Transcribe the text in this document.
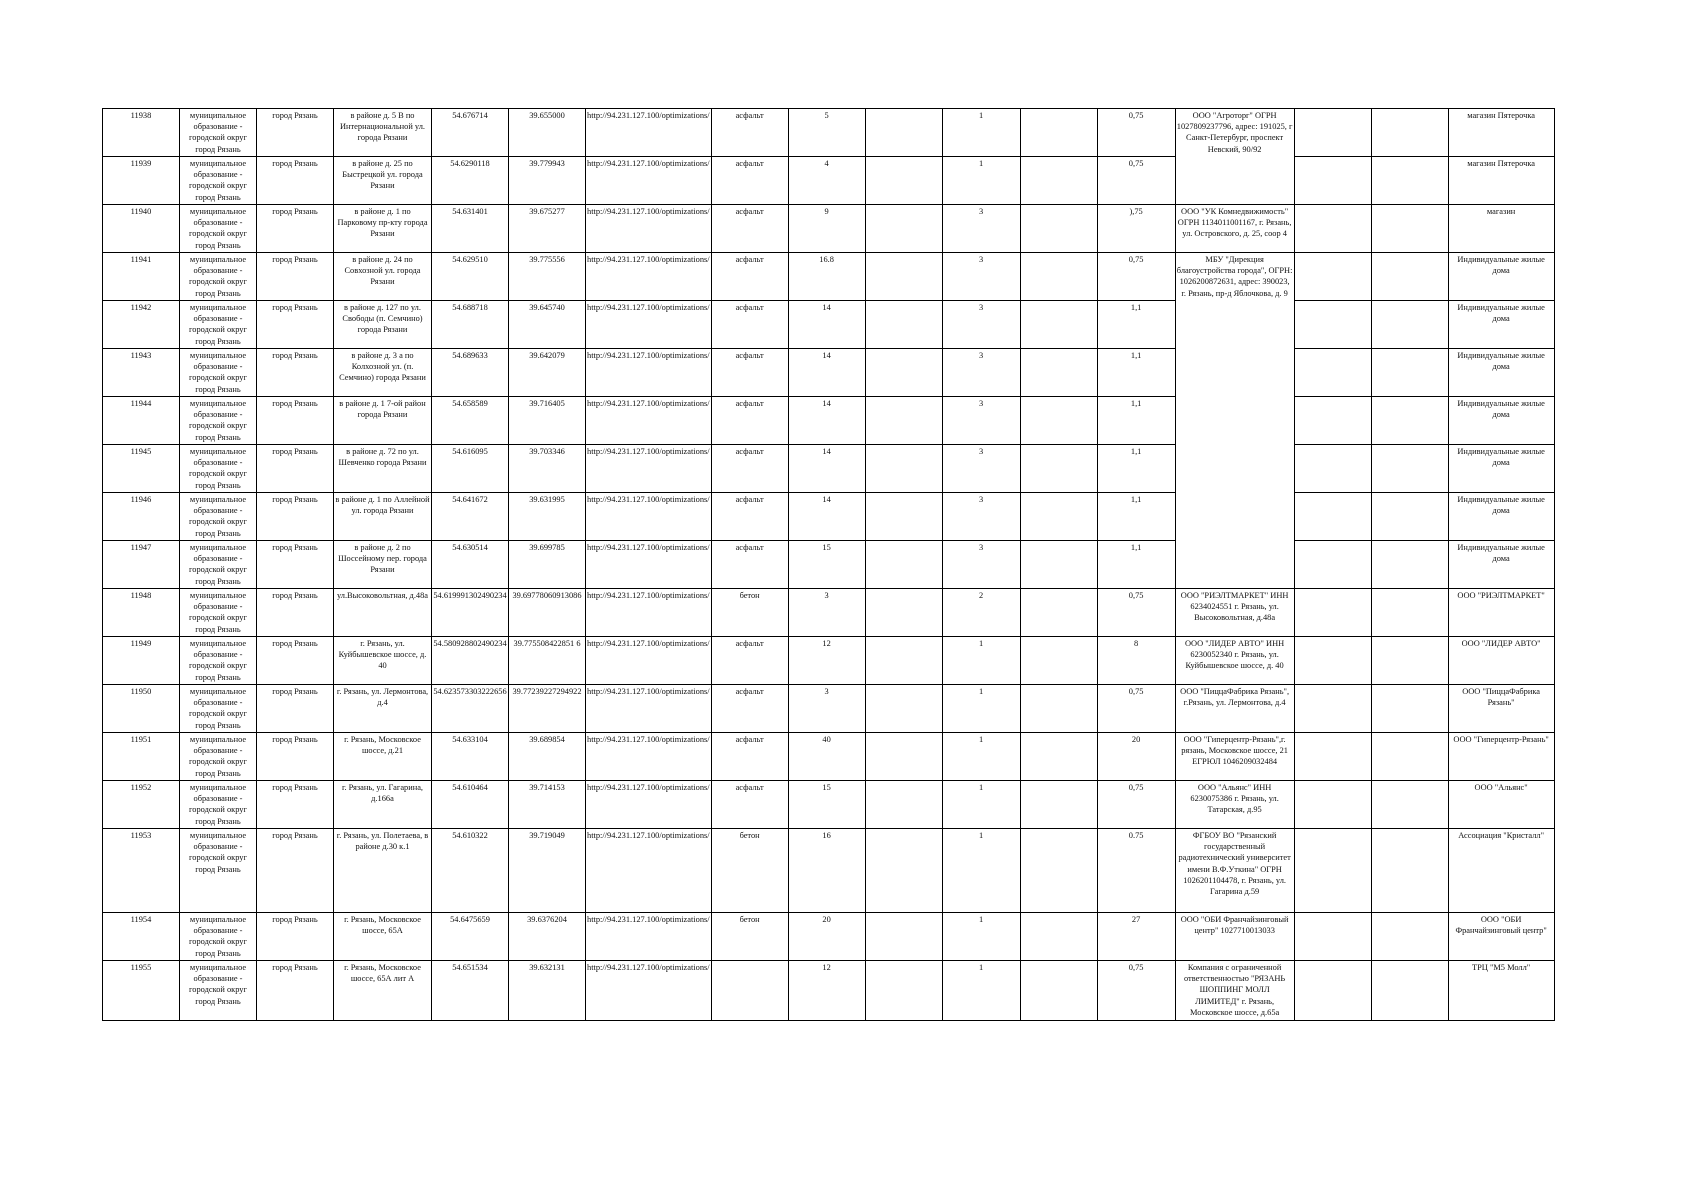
11938	муниципальное образование - городской округ город Рязань	город Рязань	в районе д. 5 В по Интернациональной ул. города Рязани	54.676714	39.655000	http://94.231.127.100/optimizations/	асфальт	5		1		0,75	ООО "Агроторг" ОГРН 1027809237796, адрес: 191025, г Санкт-Петербург, проспект Невский, 90/92			магазин Пятерочка
11939	муниципальное образование - городской округ город Рязань	город Рязань	в районе д. 25 по Быстрецкой ул. города Рязани	54.6290118	39.779943	http://94.231.127.100/optimizations/	асфальт	4		1		0,75				магазин Пятерочка
11940	муниципальное образование - городской округ город Рязань	город Рязань	в районе д. 1 по Парковому пр-кту города Рязани	54.631401	39.675277	http://94.231.127.100/optimizations/	асфальт	9		3		),75	ООО "УК Комнедвижимость" ОГРН 1134011001167, г. Рязань, ул. Островского, д. 25, соор 4			магазин
11941	муниципальное образование - городской округ город Рязань	город Рязань	в районе д. 24 по Совхозной ул. города Рязани	54.629510	39.775556	http://94.231.127.100/optimizations/	асфальт	16.8		3		0,75	МБУ "Дирекция благоустройства города", ОГРН: 1026200872631, адрес: 390023, г. Рязань, пр-д Яблочкова, д. 9			Индивидуальные жилые дома
11942	муниципальное образование - городской округ город Рязань	город Рязань	в районе д. 127 по ул. Свободы (п. Семчино) города Рязани	54.688718	39.645740	http://94.231.127.100/optimizations/	асфальт	14		3		1,1				Индивидуальные жилые дома
11943	муниципальное образование - городской округ город Рязань	город Рязань	в районе д. 3 а по Колхозной ул. (п. Семчино) города Рязани	54.689633	39.642079	http://94.231.127.100/optimizations/	асфальт	14		3		1,1				Индивидуальные жилые дома
11944	муниципальное образование - городской округ город Рязань	город Рязань	в районе д. 1 7-ой район города Рязани	54.658589	39.716405	http://94.231.127.100/optimizations/	асфальт	14		3		1,1				Индивидуальные жилые дома
11945	муниципальное образование - городской округ город Рязань	город Рязань	в районе д. 72 по ул. Шевченко города Рязани	54.616095	39.703346	http://94.231.127.100/optimizations/	асфальт	14		3		1,1				Индивидуальные жилые дома
11946	муниципальное образование - городской округ город Рязань	город Рязань	в районе д. 1 по Аллейной ул. города Рязани	54.641672	39.631995	http://94.231.127.100/optimizations/	асфальт	14		3		1,1				Индивидуальные жилые дома
11947	муниципальное образование - городской округ город Рязань	город Рязань	в районе д. 2 по Шоссейному пер. города Рязани	54.630514	39.699785	http://94.231.127.100/optimizations/	асфальт	15		3		1,1				Индивидуальные жилые дома
11948	муниципальное образование - городской округ город Рязань	город Рязань	ул.Высоковольтная, д.48а	54.619991302490234	39.69778060913086	http://94.231.127.100/optimizations/	бетон	3		2		0,75	ООО "РИЭЛТМАРКЕТ" ИНН 6234024551 г. Рязань, ул. Высоковольтная, д.48а			ООО "РИЭЛТМАРКЕТ"
11949	муниципальное образование - городской округ город Рязань	город Рязань	г. Рязань, ул. Куйбышевское шоссе, д. 40	54.580928802490234	39.775508422851 6	http://94.231.127.100/optimizations/	асфальт	12		1		8	ООО "ЛИДЕР АВТО" ИНН 6230052340 г. Рязань, ул. Куйбышевское шоссе, д. 40			ООО "ЛИДЕР АВТО"
11950	муниципальное образование - городской округ город Рязань	город Рязань	г. Рязань, ул. Лермонтова, д.4	54.623573303222656	39.77239227294922	http://94.231.127.100/optimizations/	асфальт	3		1		0,75	ООО "ПиццаФабрика Рязань", г.Рязань, ул. Лермонтова, д.4			ООО "ПиццаФабрика Рязань"
11951	муниципальное образование - городской округ город Рязань	город Рязань	г. Рязань, Московское шоссе, д.21	54.633104	39.689854	http://94.231.127.100/optimizations/	асфальт	40		1		20	ООО "Гиперцентр-Рязань",г. рязань, Московское шоссе, 21 ЕГРЮЛ 1046209032484			ООО "Гиперцентр-Рязань"
11952	муниципальное образование - городской округ город Рязань	город Рязань	г. Рязань, ул. Гагарина, д.166а	54.610464	39.714153	http://94.231.127.100/optimizations/	асфальт	15		1		0,75	ООО "Альянс" ИНН 6230075386 г. Рязань, ул. Татарская, д.95			ООО "Альянс"
11953	муниципальное образование - городской округ город Рязань	город Рязань	г. Рязань, ул. Полетаева, в районе д.30 к.1	54.610322	39.719049	http://94.231.127.100/optimizations/	бетон	16		1		0.75	ФГБОУ ВО "Рязанский государственный радиотехнический университет имени В.Ф.Уткина" ОГРН 1026201104478, г. Рязань, ул. Гагарина д.59			Ассоциация "Кристалл"
11954	муниципальное образование - городской округ город Рязань	город Рязань	г. Рязань, Московское шоссе, 65А	54.6475659	39.6376204	http://94.231.127.100/optimizations/	бетон	20		1		27	ООО "ОБИ Франчайзинговый центр" 1027710013033			ООО "ОБИ Франчайзинговый центр"
11955	муниципальное образование - городской округ город Рязань	город Рязань	г. Рязань, Московское шоссе, 65А лит А	54.651534	39.632131	http://94.231.127.100/optimizations/		12		1		0,75	Компания с ограниченной ответственностью "РЯЗАНЬ ШОППИНГ МОЛЛ ЛИМИТЕД" г. Рязань, Московское шоссе, д.65а			ТРЦ "М5 Молл"
